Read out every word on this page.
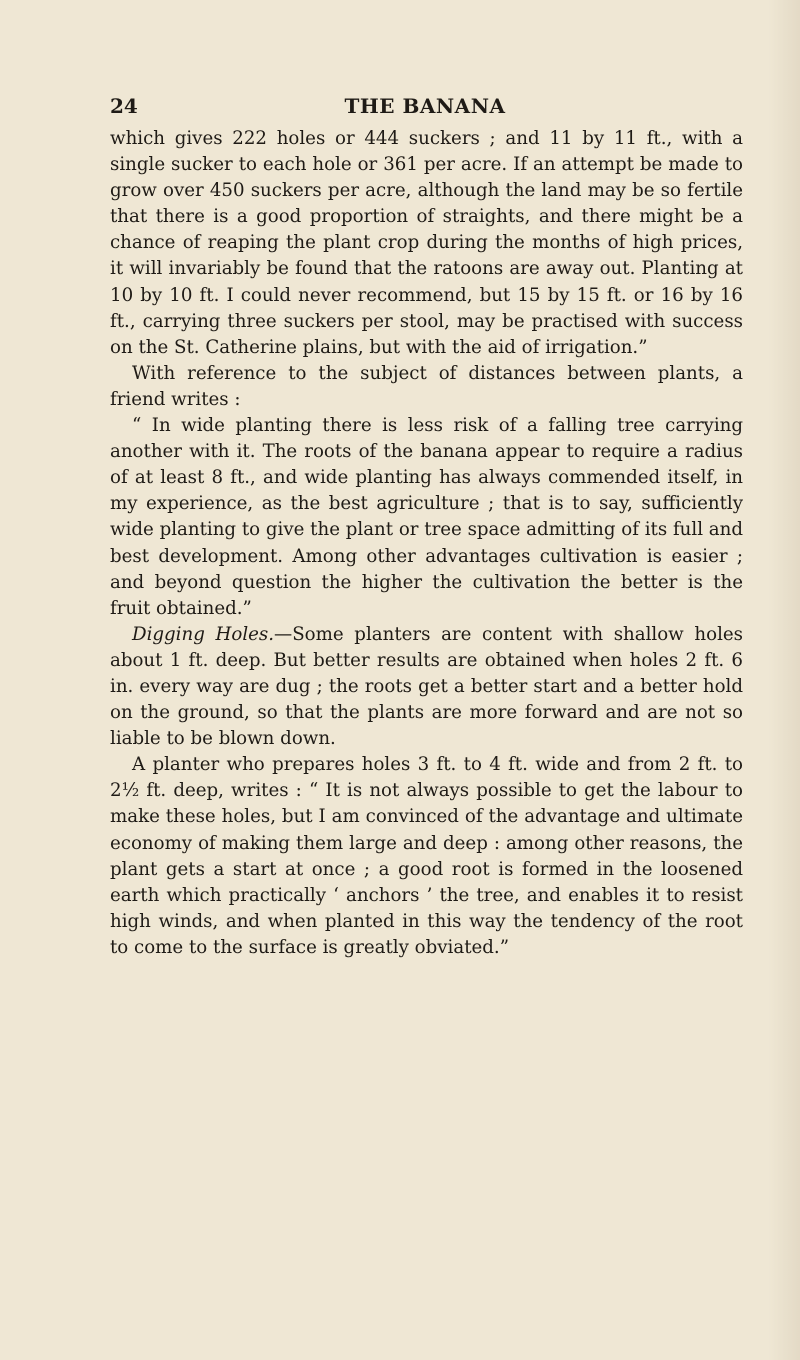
24	THE BANANA

which gives 222 holes or 444 suckers ; and 11 by 11 ft., with a single sucker to each hole or 361 per acre. If an attempt be made to grow over 450 suckers per acre, although the land may be so fertile that there is a good proportion of straights, and there might be a chance of reaping the plant crop during the months of high prices, it will invariably be found that the ratoons are away out. Planting at 10 by 10 ft. I could never recommend, but 15 by 15 ft. or 16 by 16 ft., carrying three suckers per stool, may be practised with success on the St. Catherine plains, but with the aid of irrigation.”

With reference to the subject of distances between plants, a friend writes :

“ In wide planting there is less risk of a falling tree carrying another with it. The roots of the banana appear to require a radius of at least 8 ft., and wide planting has always commended itself, in my experience, as the best agriculture ; that is to say, sufficiently wide planting to give the plant or tree space admitting of its full and best development. Among other advantages cultivation is easier ; and beyond question the higher the cultivation the better is the fruit obtained.”

Digging Holes.—Some planters are content with shallow holes about 1 ft. deep. But better results are obtained when holes 2 ft. 6 in. every way are dug ; the roots get a better start and a better hold on the ground, so that the plants are more forward and are not so liable to be blown down.

A planter who prepares holes 3 ft. to 4 ft. wide and from 2 ft. to 2½ ft. deep, writes : “ It is not always possible to get the labour to make these holes, but I am convinced of the advantage and ultimate economy of making them large and deep : among other reasons, the plant gets a start at once ; a good root is formed in the loosened earth which practically ‘ anchors ’ the tree, and enables it to resist high winds, and when planted in this way the tendency of the root to come to the surface is greatly obviated.”
